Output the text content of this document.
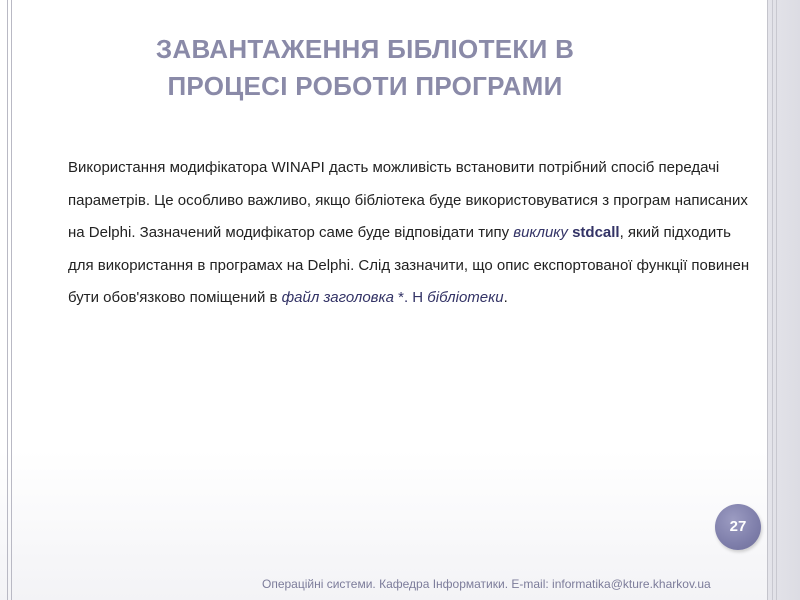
ЗАВАНТАЖЕННЯ БІБЛІОТЕКИ В
ПРОЦЕСІ РОБОТИ ПРОГРАМИ
Використання модифікатора WINAPI дасть можливість встановити потрібний спосіб передачі параметрів. Це особливо важливо, якщо бібліотека буде використовуватися з програм написаних на Delphi. Зазначений модифікатор саме буде відповідати типу виклику stdcall, який підходить для використання в програмах на Delphi. Слід зазначити, що опис експортованої функції повинен бути обов'язково поміщений в файл заголовка *. H бібліотеки.
27
Операційні системи. Кафедра Інформатики. E-mail: informatika@kture.kharkov.ua
